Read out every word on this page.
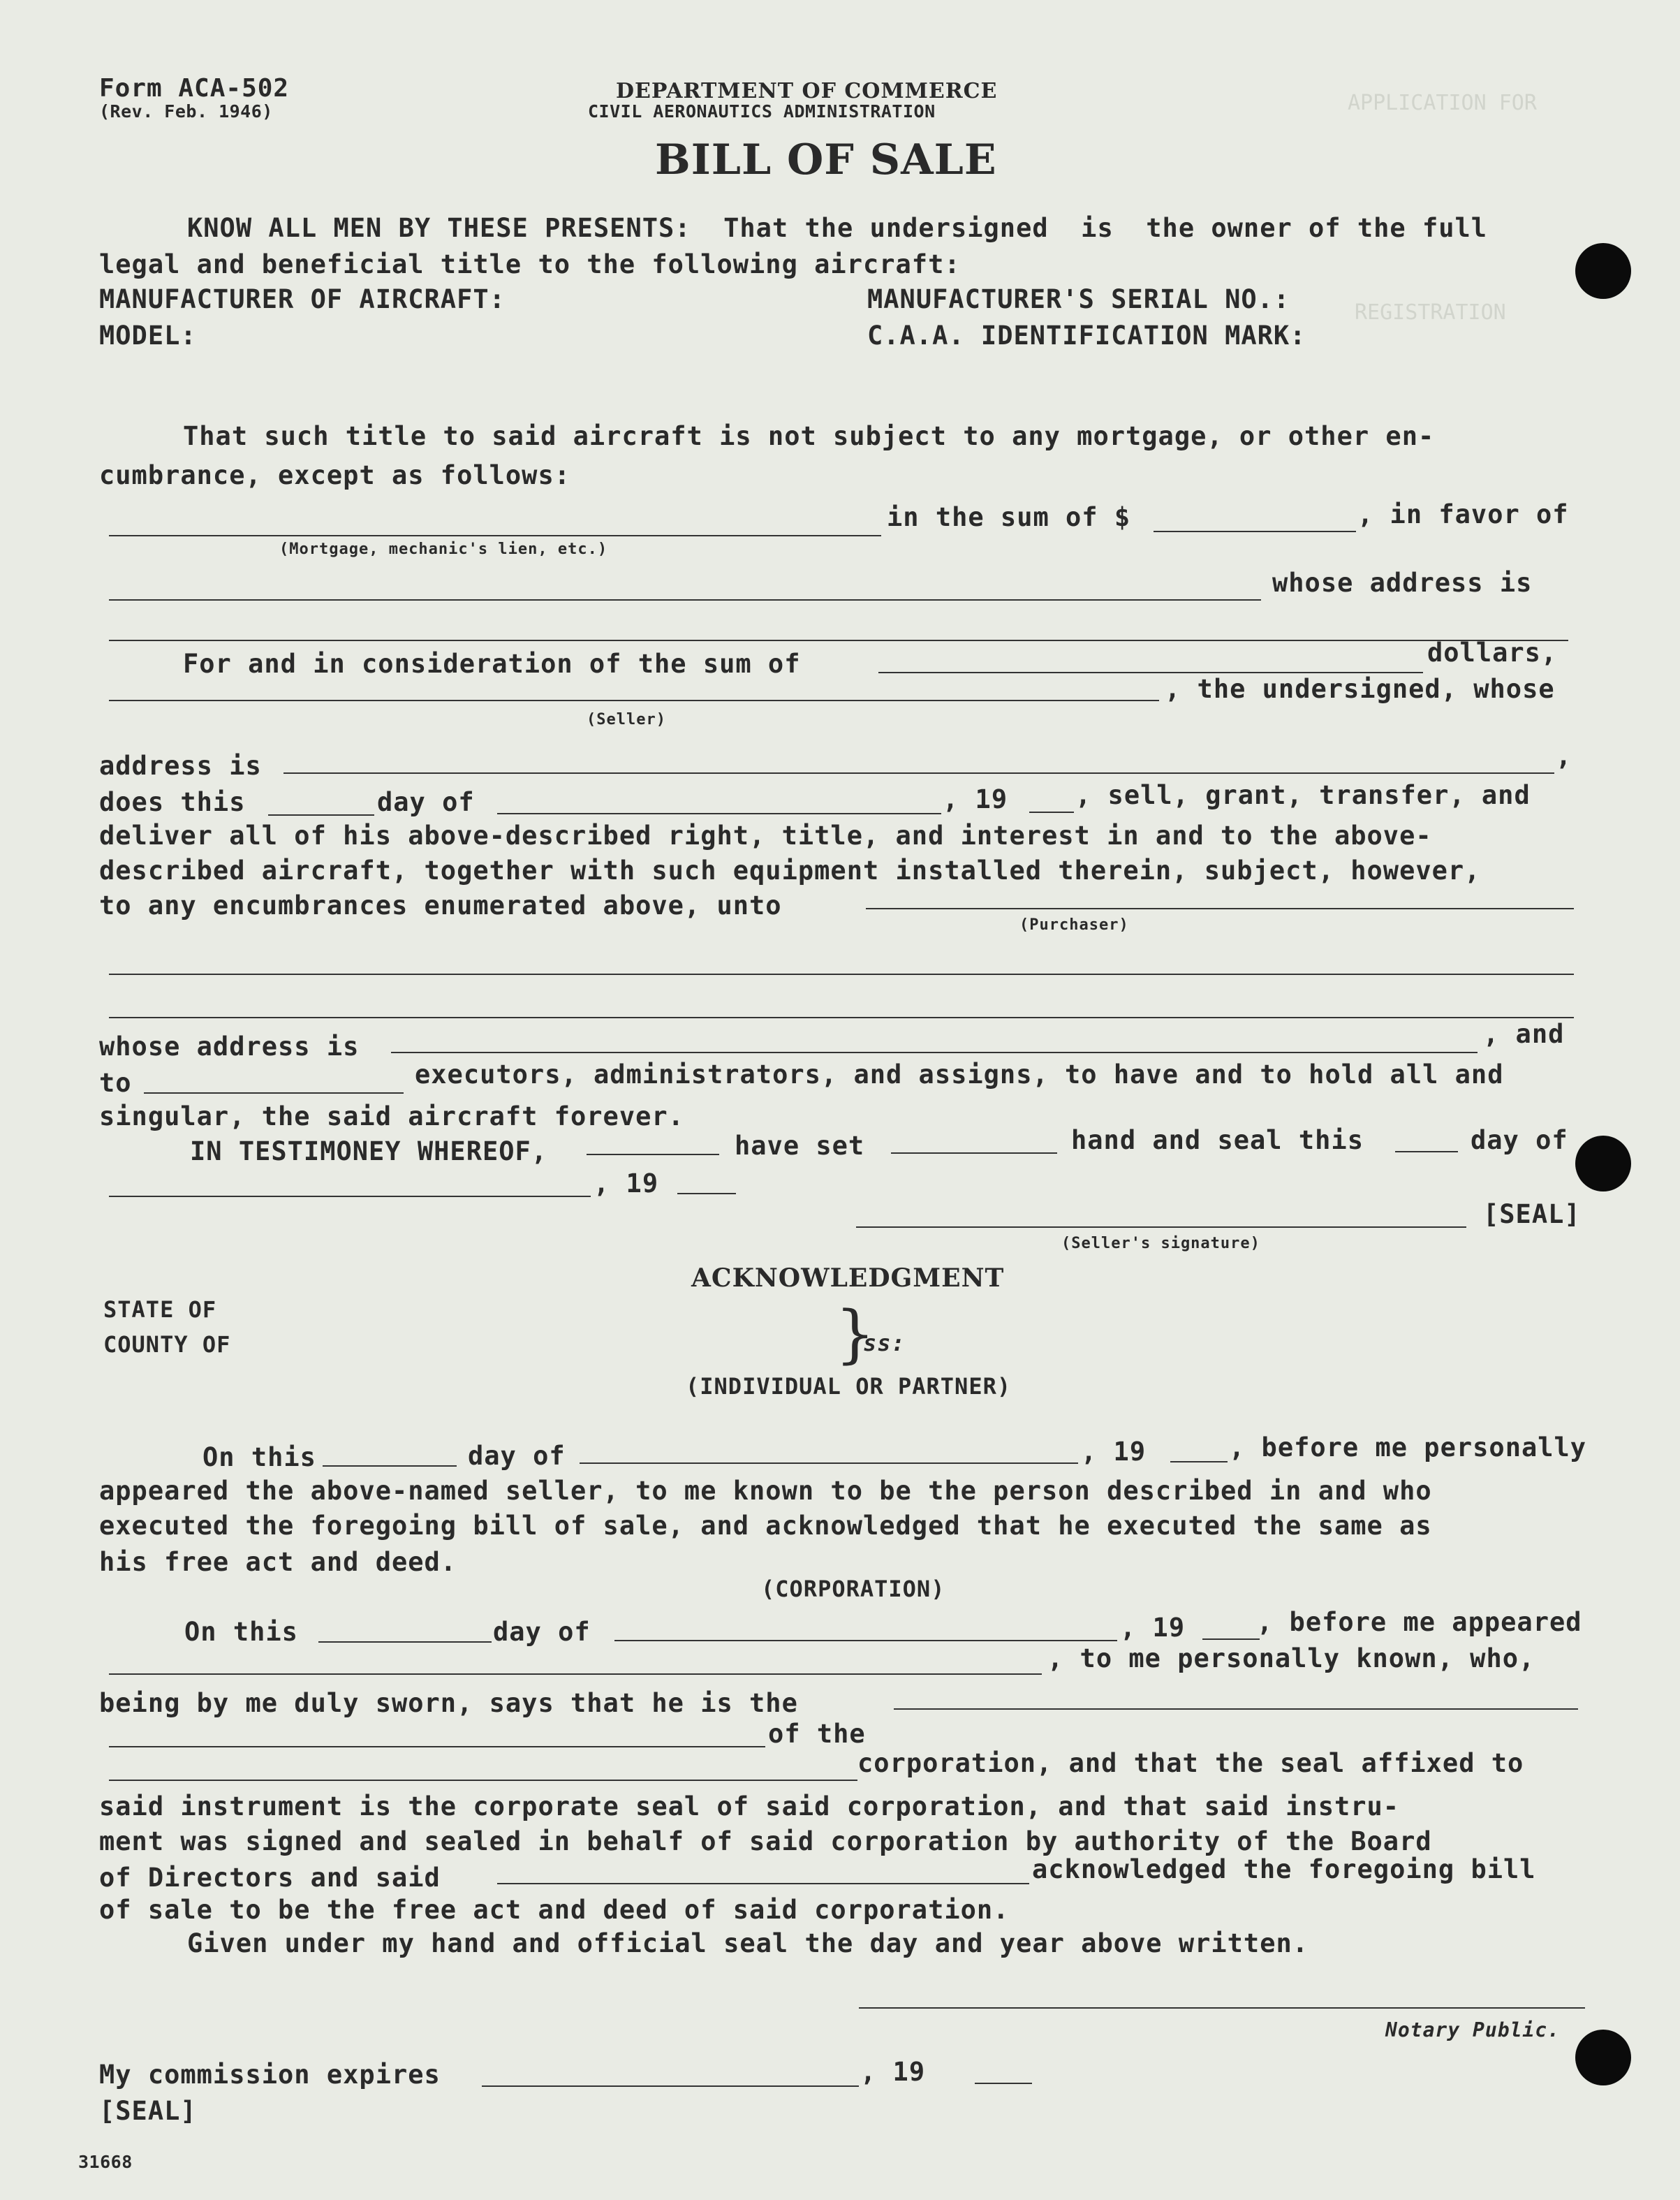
APPLICATION FOR
REGISTRATION
Form ACA-502
(Rev. Feb. 1946)
DEPARTMENT OF COMMERCE
CIVIL AERONAUTICS ADMINISTRATION
BILL OF SALE
KNOW ALL MEN BY THESE PRESENTS:  That the undersigned  is  the owner of the full
legal and beneficial title to the following aircraft:
MANUFACTURER OF AIRCRAFT:	MANUFACTURER'S SERIAL NO.:
MODEL:	C.A.A. IDENTIFICATION MARK:
That such title to said aircraft is not subject to any mortgage, or other en-
cumbrance, except as follows:
(Mortgage, mechanic's lien, etc.)
in the sum of $	, in favor of
whose address is
For and in consideration of the sum of	dollars,
(Seller)
, the undersigned, whose
address is	,
does this	day of	, 19	, sell, grant, transfer, and
deliver all of his above-described right, title, and interest in and to the above-
described aircraft, together with such equipment installed therein, subject, however,
to any encumbrances enumerated above, unto
(Purchaser)
whose address is	, and
to	executors, administrators, and assigns, to have and to hold all and
singular, the said aircraft forever.
IN TESTIMONEY WHEREOF,	have set	hand and seal this	day of
, 19
[SEAL]
(Seller's signature)
ACKNOWLEDGMENT
STATE OF
COUNTY OF	}
ss:
(INDIVIDUAL OR PARTNER)
On this	day of	, 19	, before me personally
appeared the above-named seller, to me known to be the person described in and who
executed the foregoing bill of sale, and acknowledged that he executed the same as
his free act and deed.
(CORPORATION)
On this	day of	, 19	, before me appeared
, to me personally known, who,
being by me duly sworn, says that he is the
of the
corporation, and that the seal affixed to
said instrument is the corporate seal of said corporation, and that said instru-
ment was signed and sealed in behalf of said corporation by authority of the Board
of Directors and said	acknowledged the foregoing bill
of sale to be the free act and deed of said corporation.
Given under my hand and official seal the day and year above written.
Notary Public.
My commission expires	, 19
[SEAL]
31668
